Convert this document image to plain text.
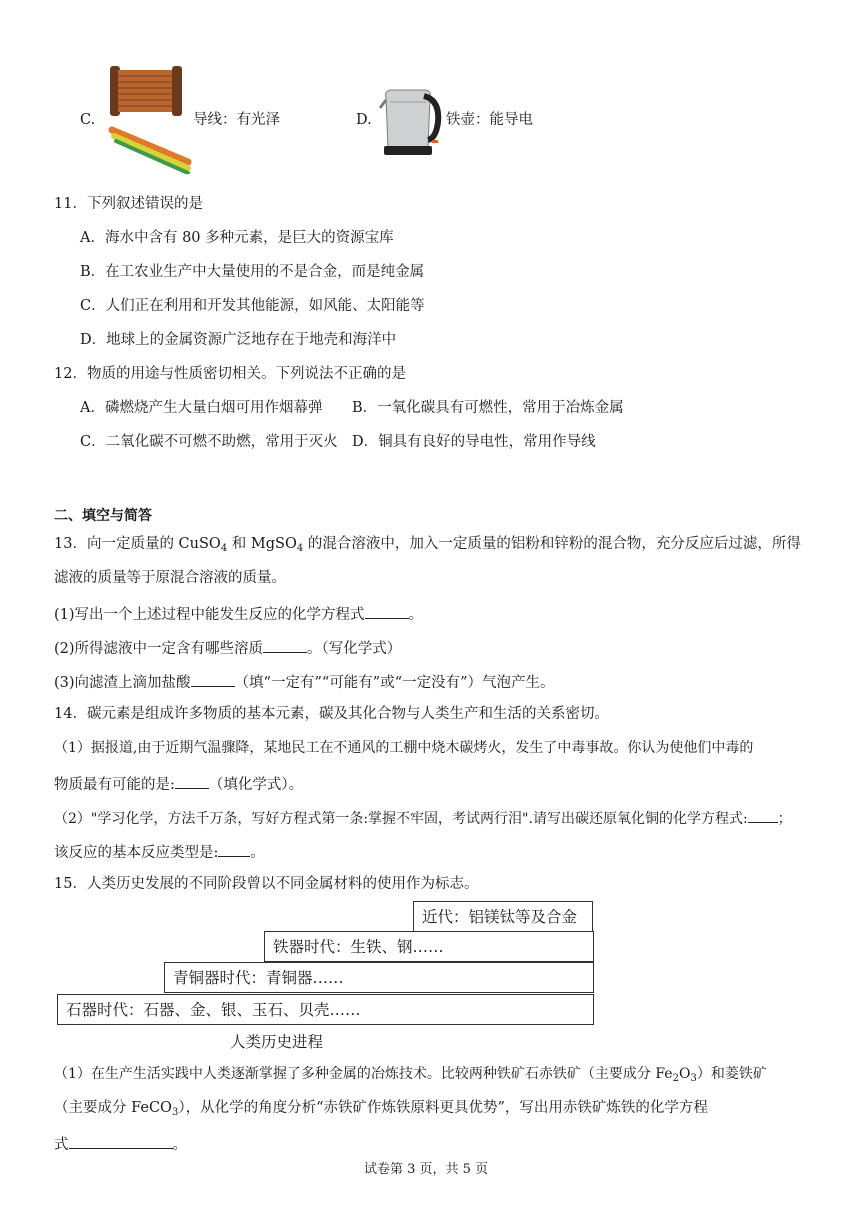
C.	导线：有光泽	D.	铁壶：能导电
11．下列叙述错误的是
A．海水中含有 80 多种元素，是巨大的资源宝库
B．在工农业生产中大量使用的不是合金，而是纯金属
C．人们正在利用和开发其他能源，如风能、太阳能等
D．地球上的金属资源广泛地存在于地壳和海洋中
12．物质的用途与性质密切相关。下列说法不正确的是
A．磷燃烧产生大量白烟可用作烟幕弹 B．一氧化碳具有可燃性，常用于冶炼金属
C．二氧化碳不可燃不助燃，常用于灭火 D．铜具有良好的导电性，常用作导线
二、填空与简答
13．向一定质量的 CuSO$_4$ 和 MgSO$_4$ 的混合溶液中，加入一定质量的铝粉和锌粉的混合物，充分反应后过滤，所得
滤液的质量等于原混合溶液的质量。
(1)写出一个上述过程中能发生反应的化学方程式	。
(2)所得滤液中一定含有哪些溶质	。（写化学式）
(3)向滤渣上滴加盐酸	（填“一定有”“可能有”或“一定没有”）气泡产生。
14．碳元素是组成许多物质的基本元素，碳及其化合物与人类生产和生活的关系密切。
（1）据报道,由于近期气温骤降，某地民工在不通风的工棚中烧木碳烤火，发生了中毒事故。你认为使他们中毒的
物质最有可能的是: （填化学式）。
（2）"学习化学，方法千万条，写好方程式第一条:掌握不牢固，考试两行泪".请写出碳还原氧化铜的化学方程式: ；
该反应的基本反应类型是: 。
15．人类历史发展的不同阶段曾以不同金属材料的使用作为标志。
近代：铝镁钛等及合金
铁器时代：生铁、钢……
青铜器时代：青铜器……
石器时代：石器、金、银、玉石、贝壳……
人类历史进程
（1）在生产生活实践中人类逐渐掌握了多种金属的冶炼技术。比较两种铁矿石赤铁矿（主要成分 $Fe_2O_3$）和菱铁矿
（主要成分 FeCO$_3$），从化学的角度分析“赤铁矿作炼铁原料更具优势”，写出用赤铁矿炼铁的化学方程
式	。
试卷第 3 页，共 5 页
